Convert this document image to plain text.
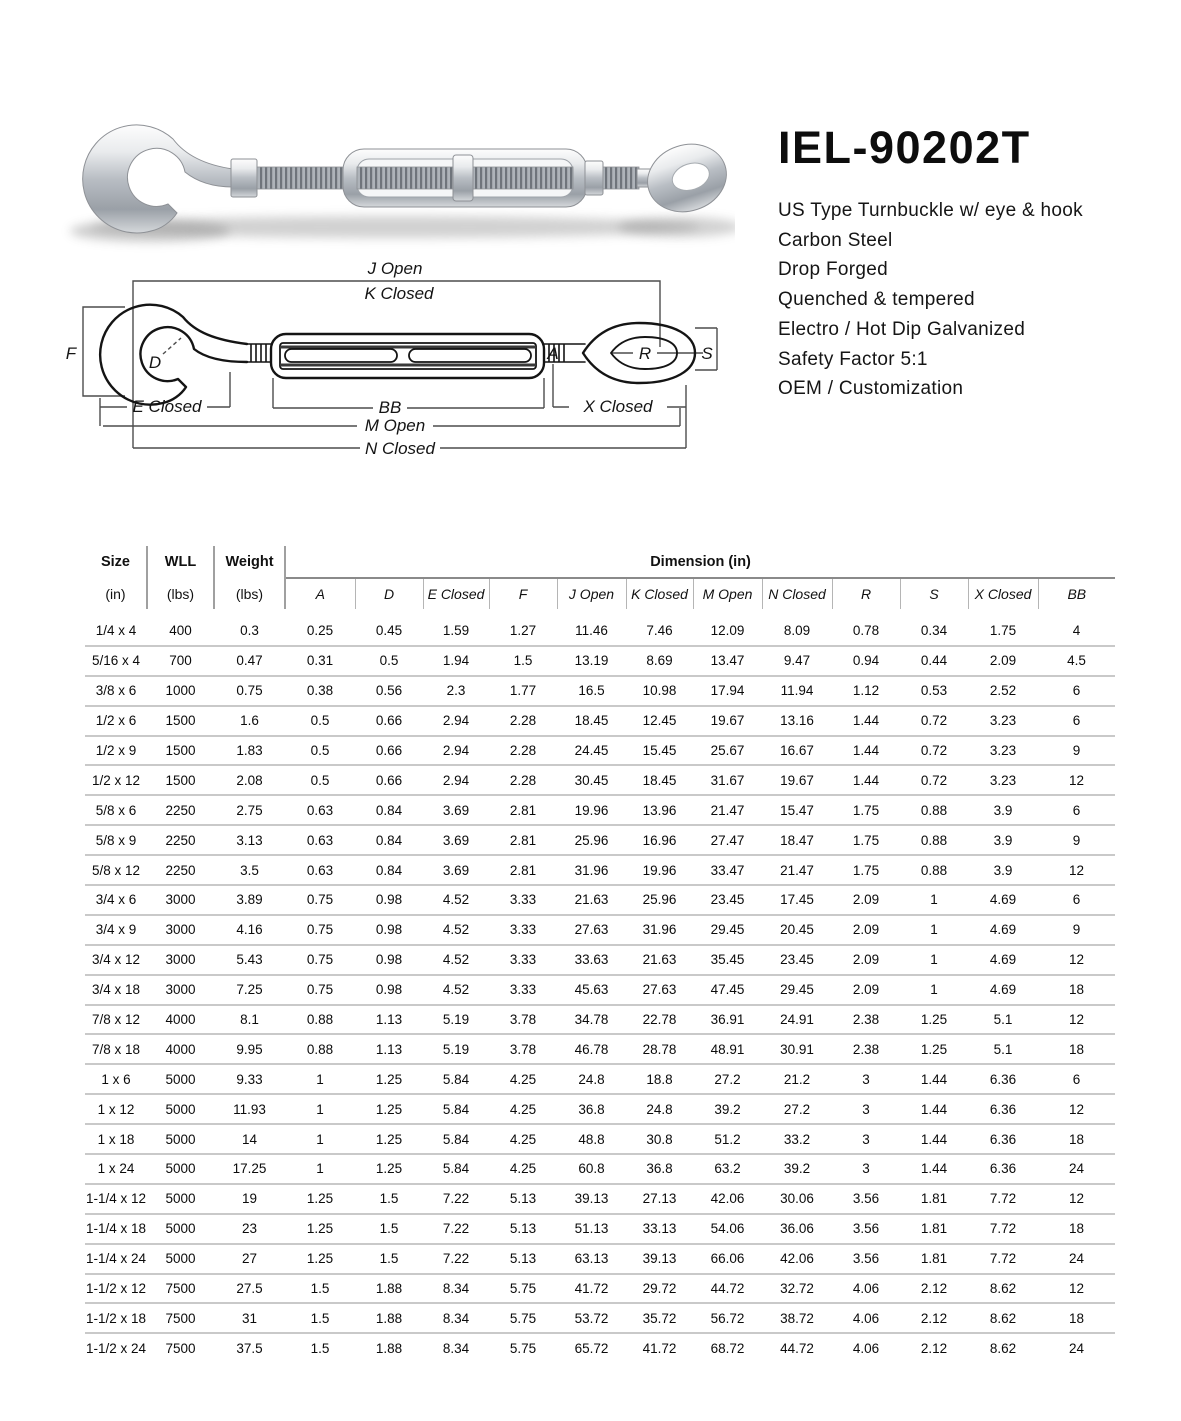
IEL-90202T
US Type Turnbuckle w/ eye & hook
Carbon Steel
Drop Forged
Quenched & tempered
Electro / Hot Dip Galvanized
Safety Factor 5:1
OEM / Customization
J Open
K Closed
F	D
E Closed	BB	X Closed
M Open
N Closed
A	R	S
Size	WLL	Weight	Dimension (in)											
(in)	(lbs)	(lbs)	A	D	E Closed	F	J Open	K Closed	M Open	N Closed	R	S	X Closed	BB

1/4 x 4	400	0.3	0.25	0.45	1.59	1.27	11.46	7.46	12.09	8.09	0.78	0.34	1.75	4
5/16 x 4	700	0.47	0.31	0.5	1.94	1.5	13.19	8.69	13.47	9.47	0.94	0.44	2.09	4.5
3/8 x 6	1000	0.75	0.38	0.56	2.3	1.77	16.5	10.98	17.94	11.94	1.12	0.53	2.52	6
1/2 x 6	1500	1.6	0.5	0.66	2.94	2.28	18.45	12.45	19.67	13.16	1.44	0.72	3.23	6
1/2 x 9	1500	1.83	0.5	0.66	2.94	2.28	24.45	15.45	25.67	16.67	1.44	0.72	3.23	9
1/2 x 12	1500	2.08	0.5	0.66	2.94	2.28	30.45	18.45	31.67	19.67	1.44	0.72	3.23	12
5/8 x 6	2250	2.75	0.63	0.84	3.69	2.81	19.96	13.96	21.47	15.47	1.75	0.88	3.9	6
5/8 x 9	2250	3.13	0.63	0.84	3.69	2.81	25.96	16.96	27.47	18.47	1.75	0.88	3.9	9
5/8 x 12	2250	3.5	0.63	0.84	3.69	2.81	31.96	19.96	33.47	21.47	1.75	0.88	3.9	12
3/4 x 6	3000	3.89	0.75	0.98	4.52	3.33	21.63	25.96	23.45	17.45	2.09	1	4.69	6
3/4 x 9	3000	4.16	0.75	0.98	4.52	3.33	27.63	31.96	29.45	20.45	2.09	1	4.69	9
3/4 x 12	3000	5.43	0.75	0.98	4.52	3.33	33.63	21.63	35.45	23.45	2.09	1	4.69	12
3/4 x 18	3000	7.25	0.75	0.98	4.52	3.33	45.63	27.63	47.45	29.45	2.09	1	4.69	18
7/8 x 12	4000	8.1	0.88	1.13	5.19	3.78	34.78	22.78	36.91	24.91	2.38	1.25	5.1	12
7/8 x 18	4000	9.95	0.88	1.13	5.19	3.78	46.78	28.78	48.91	30.91	2.38	1.25	5.1	18
1 x 6	5000	9.33	1	1.25	5.84	4.25	24.8	18.8	27.2	21.2	3	1.44	6.36	6
1 x 12	5000	11.93	1	1.25	5.84	4.25	36.8	24.8	39.2	27.2	3	1.44	6.36	12
1 x 18	5000	14	1	1.25	5.84	4.25	48.8	30.8	51.2	33.2	3	1.44	6.36	18
1 x 24	5000	17.25	1	1.25	5.84	4.25	60.8	36.8	63.2	39.2	3	1.44	6.36	24
1-1/4 x 12	5000	19	1.25	1.5	7.22	5.13	39.13	27.13	42.06	30.06	3.56	1.81	7.72	12
1-1/4 x 18	5000	23	1.25	1.5	7.22	5.13	51.13	33.13	54.06	36.06	3.56	1.81	7.72	18
1-1/4 x 24	5000	27	1.25	1.5	7.22	5.13	63.13	39.13	66.06	42.06	3.56	1.81	7.72	24
1-1/2 x 12	7500	27.5	1.5	1.88	8.34	5.75	41.72	29.72	44.72	32.72	4.06	2.12	8.62	12
1-1/2 x 18	7500	31	1.5	1.88	8.34	5.75	53.72	35.72	56.72	38.72	4.06	2.12	8.62	18
1-1/2 x 24	7500	37.5	1.5	1.88	8.34	5.75	65.72	41.72	68.72	44.72	4.06	2.12	8.62	24
